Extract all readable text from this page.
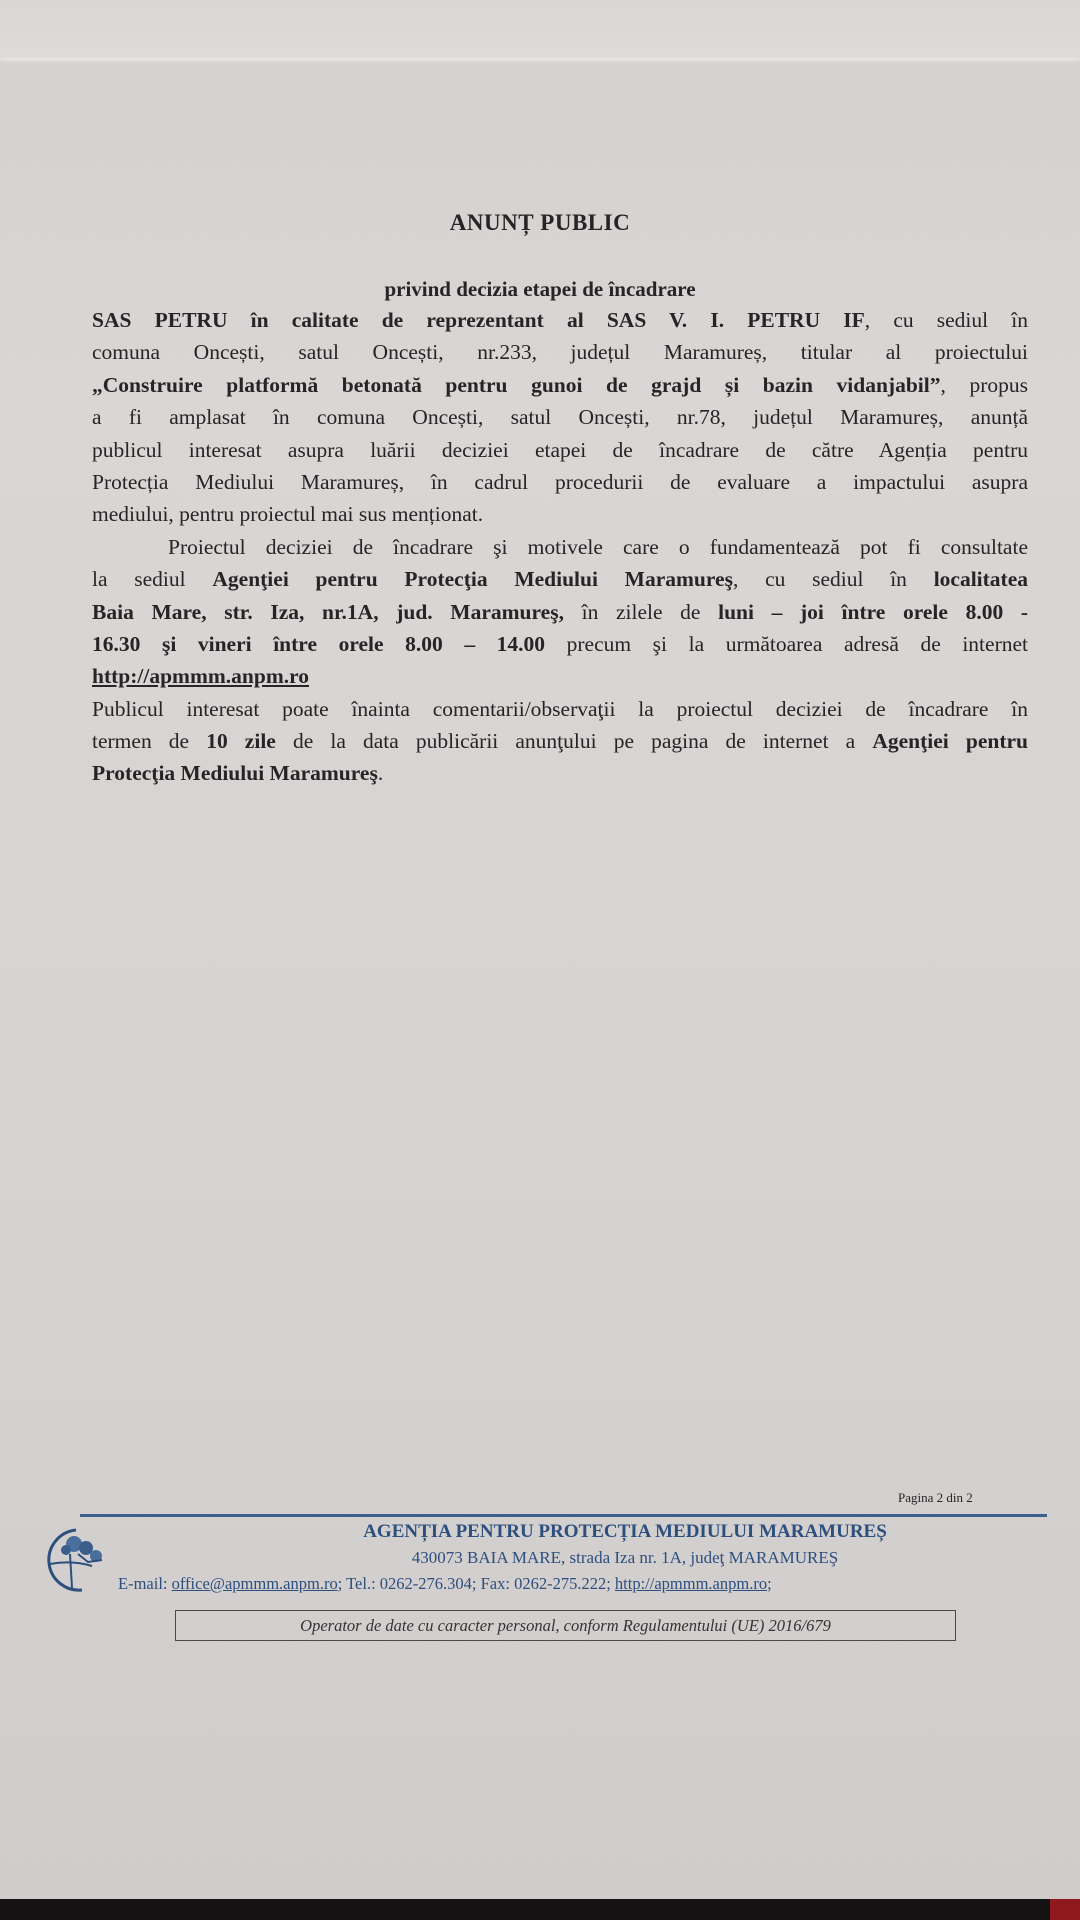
ANUNȚ PUBLIC
privind decizia etapei de încadrare
SAS PETRU în calitate de reprezentant al SAS V. I. PETRU IF, cu sediul în
comuna Oncești, satul Oncești, nr.233, județul Maramureș, titular al proiectului
„Construire platformă betonată pentru gunoi de grajd și bazin vidanjabil”, propus
a fi amplasat în comuna Oncești, satul Oncești, nr.78, județul Maramureș, anunță
publicul interesat asupra luării deciziei etapei de încadrare de către Agenția pentru
Protecția Mediului Maramureș, în cadrul procedurii de evaluare a impactului asupra
mediului, pentru proiectul mai sus menționat.
Proiectul deciziei de încadrare şi motivele care o fundamentează pot fi consultate
la sediul Agenţiei pentru Protecţia Mediului Maramureş, cu sediul în localitatea
Baia Mare, str. Iza, nr.1A, jud. Maramureş, în zilele de luni – joi între orele 8.00 -
16.30 şi vineri între orele 8.00 – 14.00 precum şi la următoarea adresă de internet
http://apmmm.anpm.ro
Publicul interesat poate înainta comentarii/observaţii la proiectul deciziei de încadrare în
termen de 10 zile de la data publicării anunţului pe pagina de internet a Agenţiei pentru
Protecţia Mediului Maramureş.
Pagina 2 din 2
AGENȚIA PENTRU PROTECȚIA MEDIULUI MARAMUREȘ
430073 BAIA MARE, strada Iza nr. 1A, judeţ MARAMUREŞ
E-mail: office@apmmm.anpm.ro; Tel.: 0262-276.304; Fax: 0262-275.222; http://apmmm.anpm.ro;
Operator de date cu caracter personal, conform Regulamentului (UE) 2016/679
